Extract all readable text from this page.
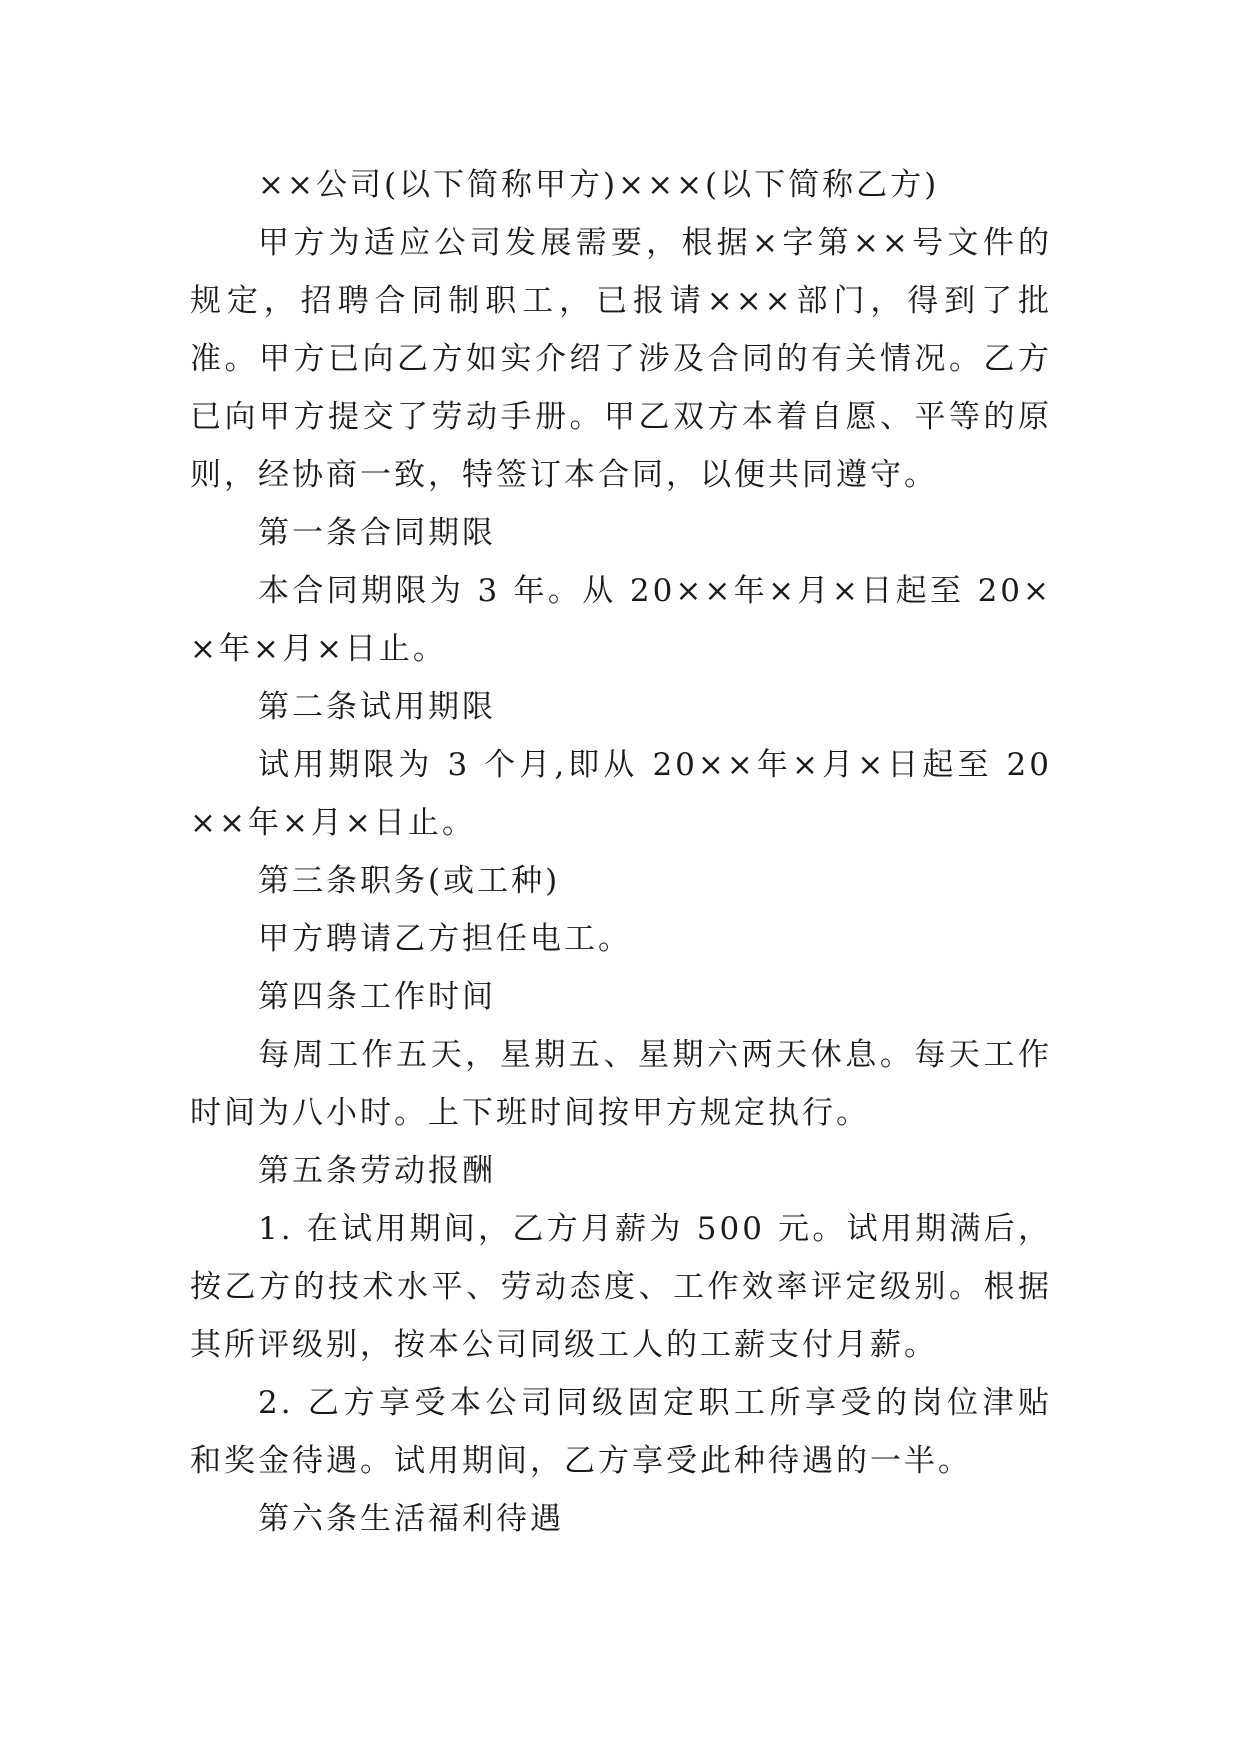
××公司(以下简称甲方)×××(以下简称乙方)

甲方为适应公司发展需要，根据×字第××号文件的规定，招聘合同制职工，已报请×××部门，得到了批准。甲方已向乙方如实介绍了涉及合同的有关情况。乙方已向甲方提交了劳动手册。甲乙双方本着自愿、平等的原则，经协商一致，特签订本合同，以便共同遵守。

第一条合同期限

本合同期限为 3 年。从 20××年×月×日起至 20××年×月×日止。

第二条试用期限

试用期限为 3 个月,即从 20××年×月×日起至 20××年×月×日止。

第三条职务(或工种)

甲方聘请乙方担任电工。

第四条工作时间

每周工作五天，星期五、星期六两天休息。每天工作时间为八小时。上下班时间按甲方规定执行。

第五条劳动报酬

1. 在试用期间，乙方月薪为 500 元。试用期满后，按乙方的技术水平、劳动态度、工作效率评定级别。根据其所评级别，按本公司同级工人的工薪支付月薪。

2. 乙方享受本公司同级固定职工所享受的岗位津贴和奖金待遇。试用期间，乙方享受此种待遇的一半。

第六条生活福利待遇
